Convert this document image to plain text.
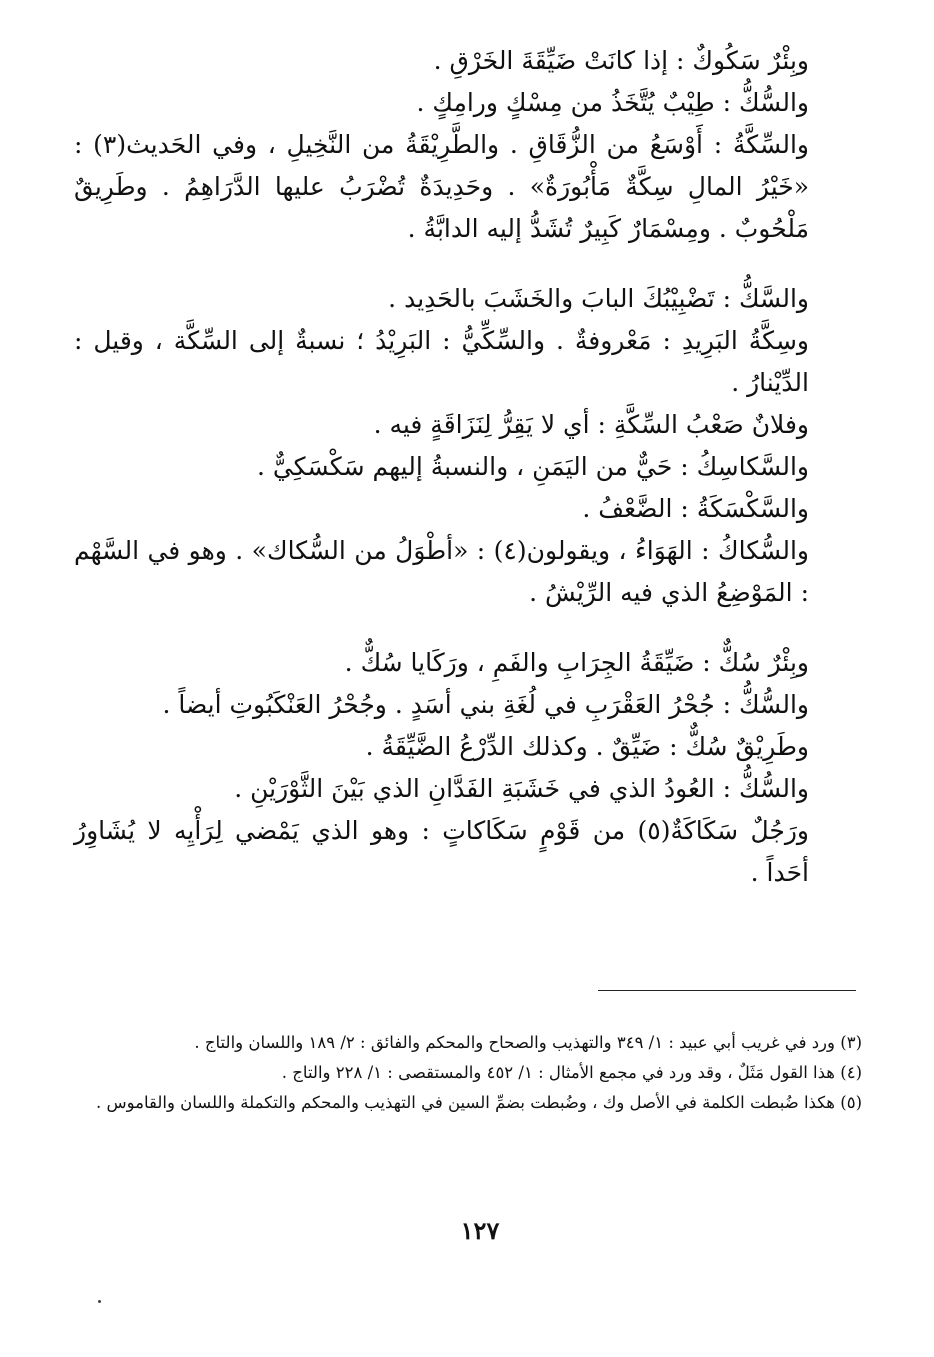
وبِئْرٌ سَكُوكٌ : إذا كانَتْ ضَيِّقَةَ الخَرْقِ .

والسُّكُّ : طِيْبٌ يُتَّخَذُ من مِسْكٍ ورامِكٍ .

والسِّكَّةُ : أَوْسَعُ من الزُّقَاقِ . والطَّرِيْقَةُ من النَّخِيلِ ، وفي الحَديث(٣) : «خَيْرُ المالِ سِكَّةٌ مَأْبُورَةٌ» . وحَدِيدَةٌ تُضْرَبُ عليها الدَّرَاهِمُ . وطَرِيقٌ مَلْحُوبٌ . ومِسْمَارٌ كَبِيرٌ تُشَدُّ إليه الدابَّةُ .

والسَّكُّ : تَضْبِيْبُكَ البابَ والخَشَبَ بالحَدِيد .

وسِكَّةُ البَرِيدِ : مَعْروفةٌ . والسِّكِّيُّ : البَرِيْدُ ؛ نسبةٌ إلى السِّكَّة ، وقيل : الدِّيْنارُ .

وفلانٌ صَعْبُ السِّكَّةِ : أي لا يَقِرُّ لِنَزَاقَةٍ فيه .

والسَّكاسِكُ : حَيٌّ من اليَمَنِ ، والنسبةُ إليهم سَكْسَكِيٌّ .

والسَّكْسَكَةُ : الضَّعْفُ .

والسُّكاكُ : الهَوَاءُ ، ويقولون(٤) : «أطْوَلُ من السُّكاك» . وهو في السَّهْم : المَوْضِعُ الذي فيه الرِّيْشُ .

وبِئْرٌ سُكٌّ : ضَيِّقَةُ الجِرَابِ والفَمِ ، ورَكَايا سُكٌّ .

والسُّكُّ : جُحْرُ العَقْرَبِ في لُغَةِ بني أسَدٍ . وجُحْرُ العَنْكَبُوتِ أيضاً .

وطَرِيْقٌ سُكٌّ : ضَيِّقٌ . وكذلك الدِّرْعُ الضَّيِّقَةُ .

والسُّكُّ : العُودُ الذي في خَشَبَةِ الفَدَّانِ الذي بَيْنَ الثَّوْرَيْنِ .

ورَجُلٌ سَكَاكَةٌ(٥) من قَوْمٍ سَكَاكاتٍ : وهو الذي يَمْضي لِرَأْيِه لا يُشَاوِرُ أحَداً .

(٣) ورد في غريب أبي عبيد : ١/ ٣٤٩ والتهذيب والصحاح والمحكم والفائق : ٢/ ١٨٩ واللسان والتاج .

(٤) هذا القول مَثَلٌ ، وقد ورد في مجمع الأمثال : ١/ ٤٥٢ والمستقصى : ١/ ٢٢٨ والتاج .

(٥) هكذا ضُبطت الكلمة في الأصل وك ، وضُبطت بضمِّ السين في التهذيب والمحكم والتكملة واللسان والقاموس .

١٢٧
